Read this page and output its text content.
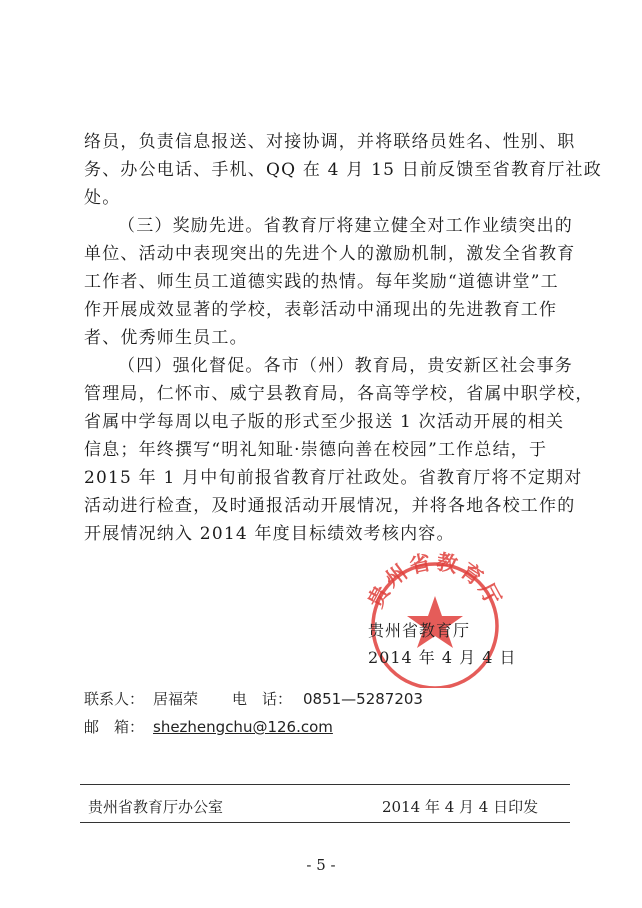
络员，负责信息报送、对接协调，并将联络员姓名、性别、职
务、办公电话、手机、QQ 在 4 月 15 日前反馈至省教育厅社政
处。
（三）奖励先进。省教育厅将建立健全对工作业绩突出的
单位、活动中表现突出的先进个人的激励机制，激发全省教育
工作者、师生员工道德实践的热情。每年奖励“道德讲堂”工
作开展成效显著的学校，表彰活动中涌现出的先进教育工作
者、优秀师生员工。
（四）强化督促。各市（州）教育局，贵安新区社会事务
管理局，仁怀市、威宁县教育局，各高等学校，省属中职学校，
省属中学每周以电子版的形式至少报送 1 次活动开展的相关
信息；年终撰写“明礼知耻·崇德向善在校园”工作总结，于
2015 年 1 月中旬前报省教育厅社政处。省教育厅将不定期对
活动进行检查，及时通报活动开展情况，并将各地各校工作的
开展情况纳入 2014 年度目标绩效考核内容。
贵州省教育厅
贵州省教育厅
2014 年 4 月 4 日
联系人： 居福荣 电　话： 0851—5287203
邮　箱： shezhengchu@126.com
贵州省教育厅办公室	2014 年 4 月 4 日印发
- 5 -
